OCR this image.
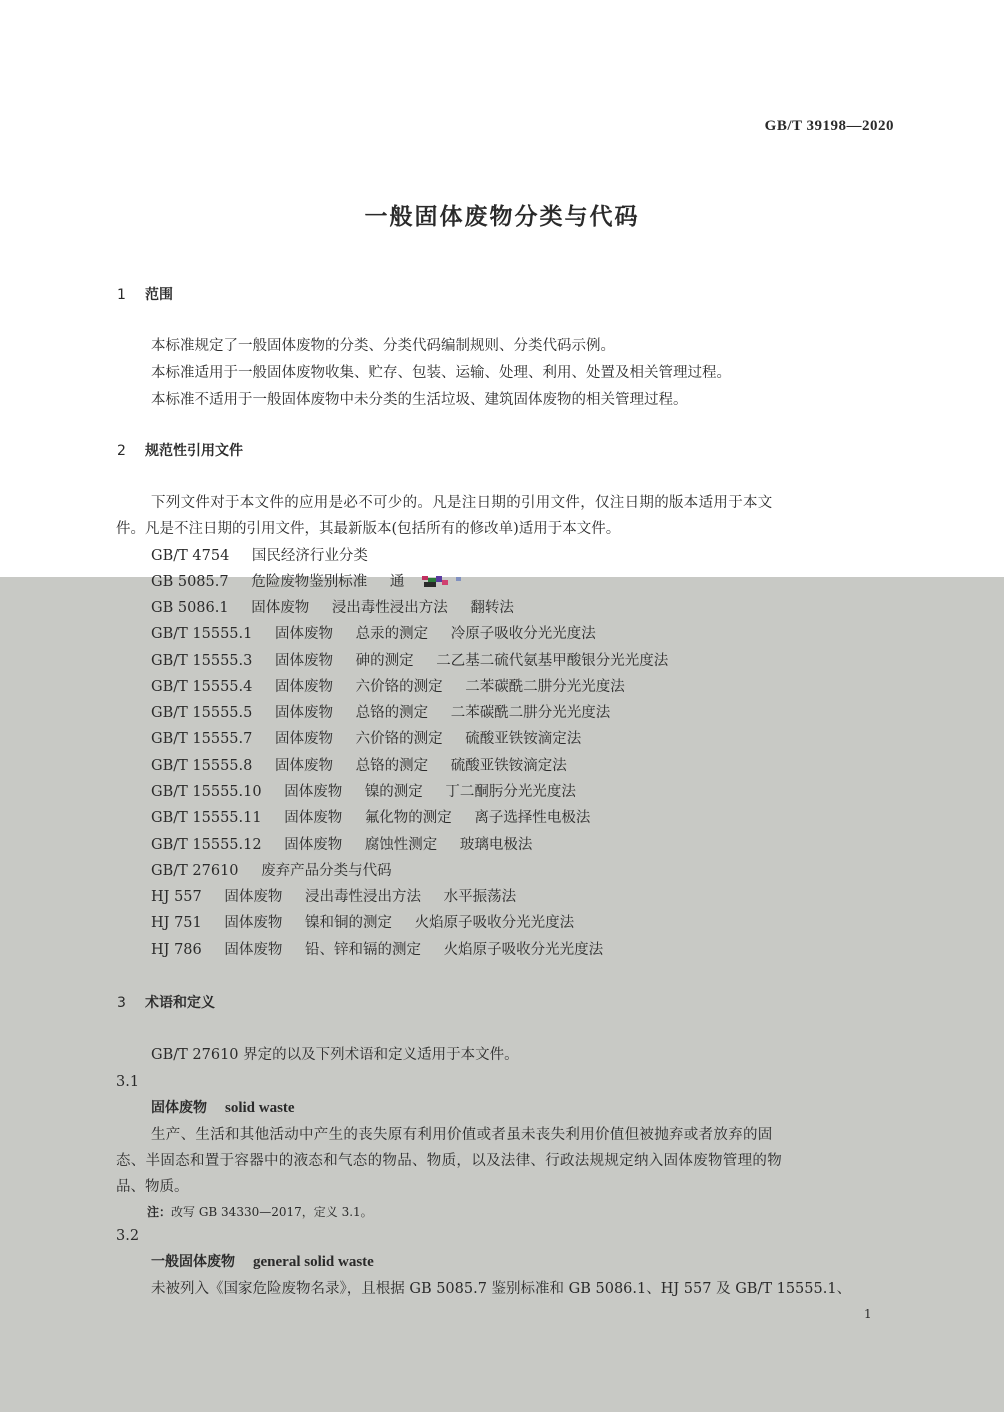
GB/T 39198—2020
一般固体废物分类与代码
1 范围
本标准规定了一般固体废物的分类、分类代码编制规则、分类代码示例。
本标准适用于一般固体废物收集、贮存、包装、运输、处理、利用、处置及相关管理过程。
本标准不适用于一般固体废物中未分类的生活垃圾、建筑固体废物的相关管理过程。
2 规范性引用文件
下列文件对于本文件的应用是必不可少的。凡是注日期的引用文件，仅注日期的版本适用于本文
件。凡是不注日期的引用文件，其最新版本(包括所有的修改单)适用于本文件。
GB/T 4754 国民经济行业分类
GB 5085.7 危险废物鉴别标准 通
GB 5086.1 固体废物 浸出毒性浸出方法 翻转法
GB/T 15555.1 固体废物 总汞的测定 冷原子吸收分光光度法
GB/T 15555.3 固体废物 砷的测定 二乙基二硫代氨基甲酸银分光光度法
GB/T 15555.4 固体废物 六价铬的测定 二苯碳酰二肼分光光度法
GB/T 15555.5 固体废物 总铬的测定 二苯碳酰二肼分光光度法
GB/T 15555.7 固体废物 六价铬的测定 硫酸亚铁铵滴定法
GB/T 15555.8 固体废物 总铬的测定 硫酸亚铁铵滴定法
GB/T 15555.10 固体废物 镍的测定 丁二酮肟分光光度法
GB/T 15555.11 固体废物 氟化物的测定 离子选择性电极法
GB/T 15555.12 固体废物 腐蚀性测定 玻璃电极法
GB/T 27610 废弃产品分类与代码
HJ 557 固体废物 浸出毒性浸出方法 水平振荡法
HJ 751 固体废物 镍和铜的测定 火焰原子吸收分光光度法
HJ 786 固体废物 铅、锌和镉的测定 火焰原子吸收分光光度法
3 术语和定义
GB/T 27610 界定的以及下列术语和定义适用于本文件。
3.1
固体废物 solid waste
生产、生活和其他活动中产生的丧失原有利用价值或者虽未丧失利用价值但被抛弃或者放弃的固
态、半固态和置于容器中的液态和气态的物品、物质，以及法律、行政法规规定纳入固体废物管理的物
品、物质。
注：改写 GB 34330—2017，定义 3.1。
3.2
一般固体废物 general solid waste
未被列入《国家危险废物名录》，且根据 GB 5085.7 鉴别标准和 GB 5086.1、HJ 557 及 GB/T 15555.1、
1
